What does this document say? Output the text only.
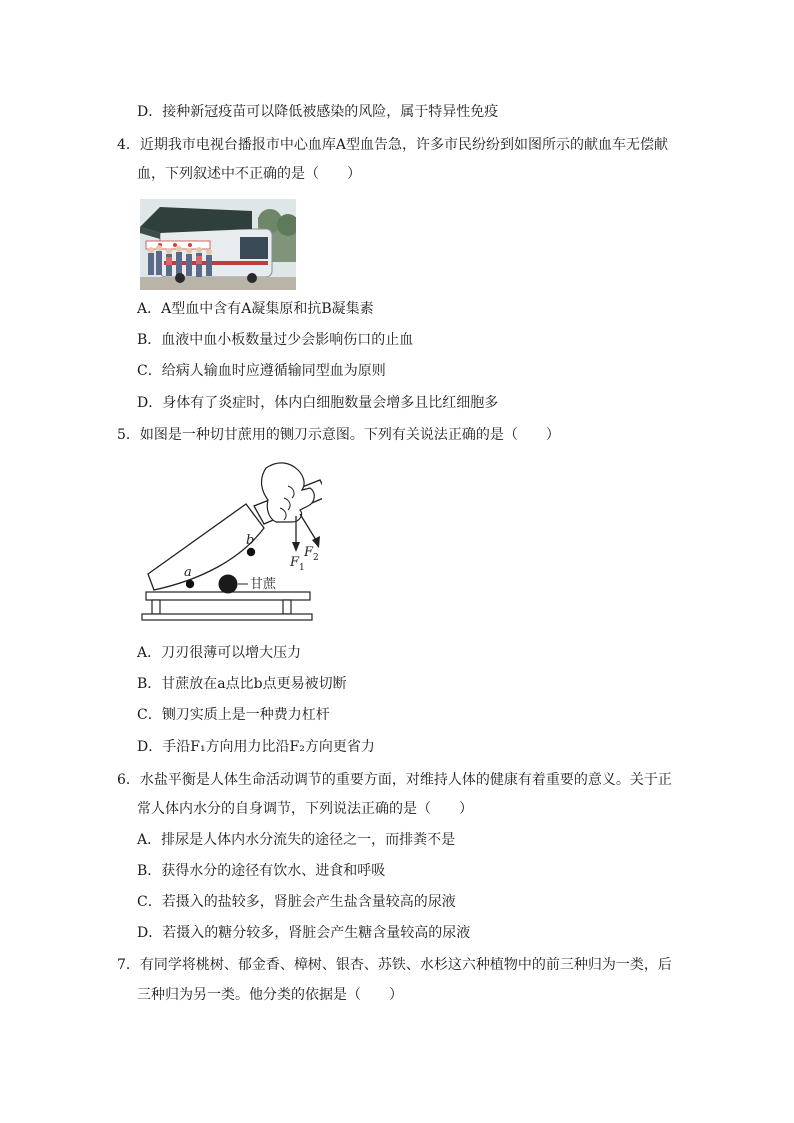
D．接种新冠疫苗可以降低被感染的风险，属于特异性免疫
4．近期我市电视台播报市中心血库A型血告急，许多市民纷纷到如图所示的献血车无偿献
血，下列叙述中不正确的是（　　）
A．A型血中含有A凝集原和抗B凝集素
B．血液中血小板数量过少会影响伤口的止血
C．给病人输血时应遵循输同型血为原则
D．身体有了炎症时，体内白细胞数量会增多且比红细胞多
5．如图是一种切甘蔗用的铡刀示意图。下列有关说法正确的是（　　）
a
b
F 1
F 2
甘蔗
A．刀刃很薄可以增大压力
B．甘蔗放在a点比b点更易被切断
C．铡刀实质上是一种费力杠杆
D．手沿F₁方向用力比沿F₂方向更省力
6．水盐平衡是人体生命活动调节的重要方面，对维持人体的健康有着重要的意义。关于正
常人体内水分的自身调节，下列说法正确的是（　　）
A．排尿是人体内水分流失的途径之一，而排粪不是
B．获得水分的途径有饮水、进食和呼吸
C．若摄入的盐较多，肾脏会产生盐含量较高的尿液
D．若摄入的糖分较多，肾脏会产生糖含量较高的尿液
7．有同学将桃树、郁金香、樟树、银杏、苏铁、水杉这六种植物中的前三种归为一类，后
三种归为另一类。他分类的依据是（　　）
